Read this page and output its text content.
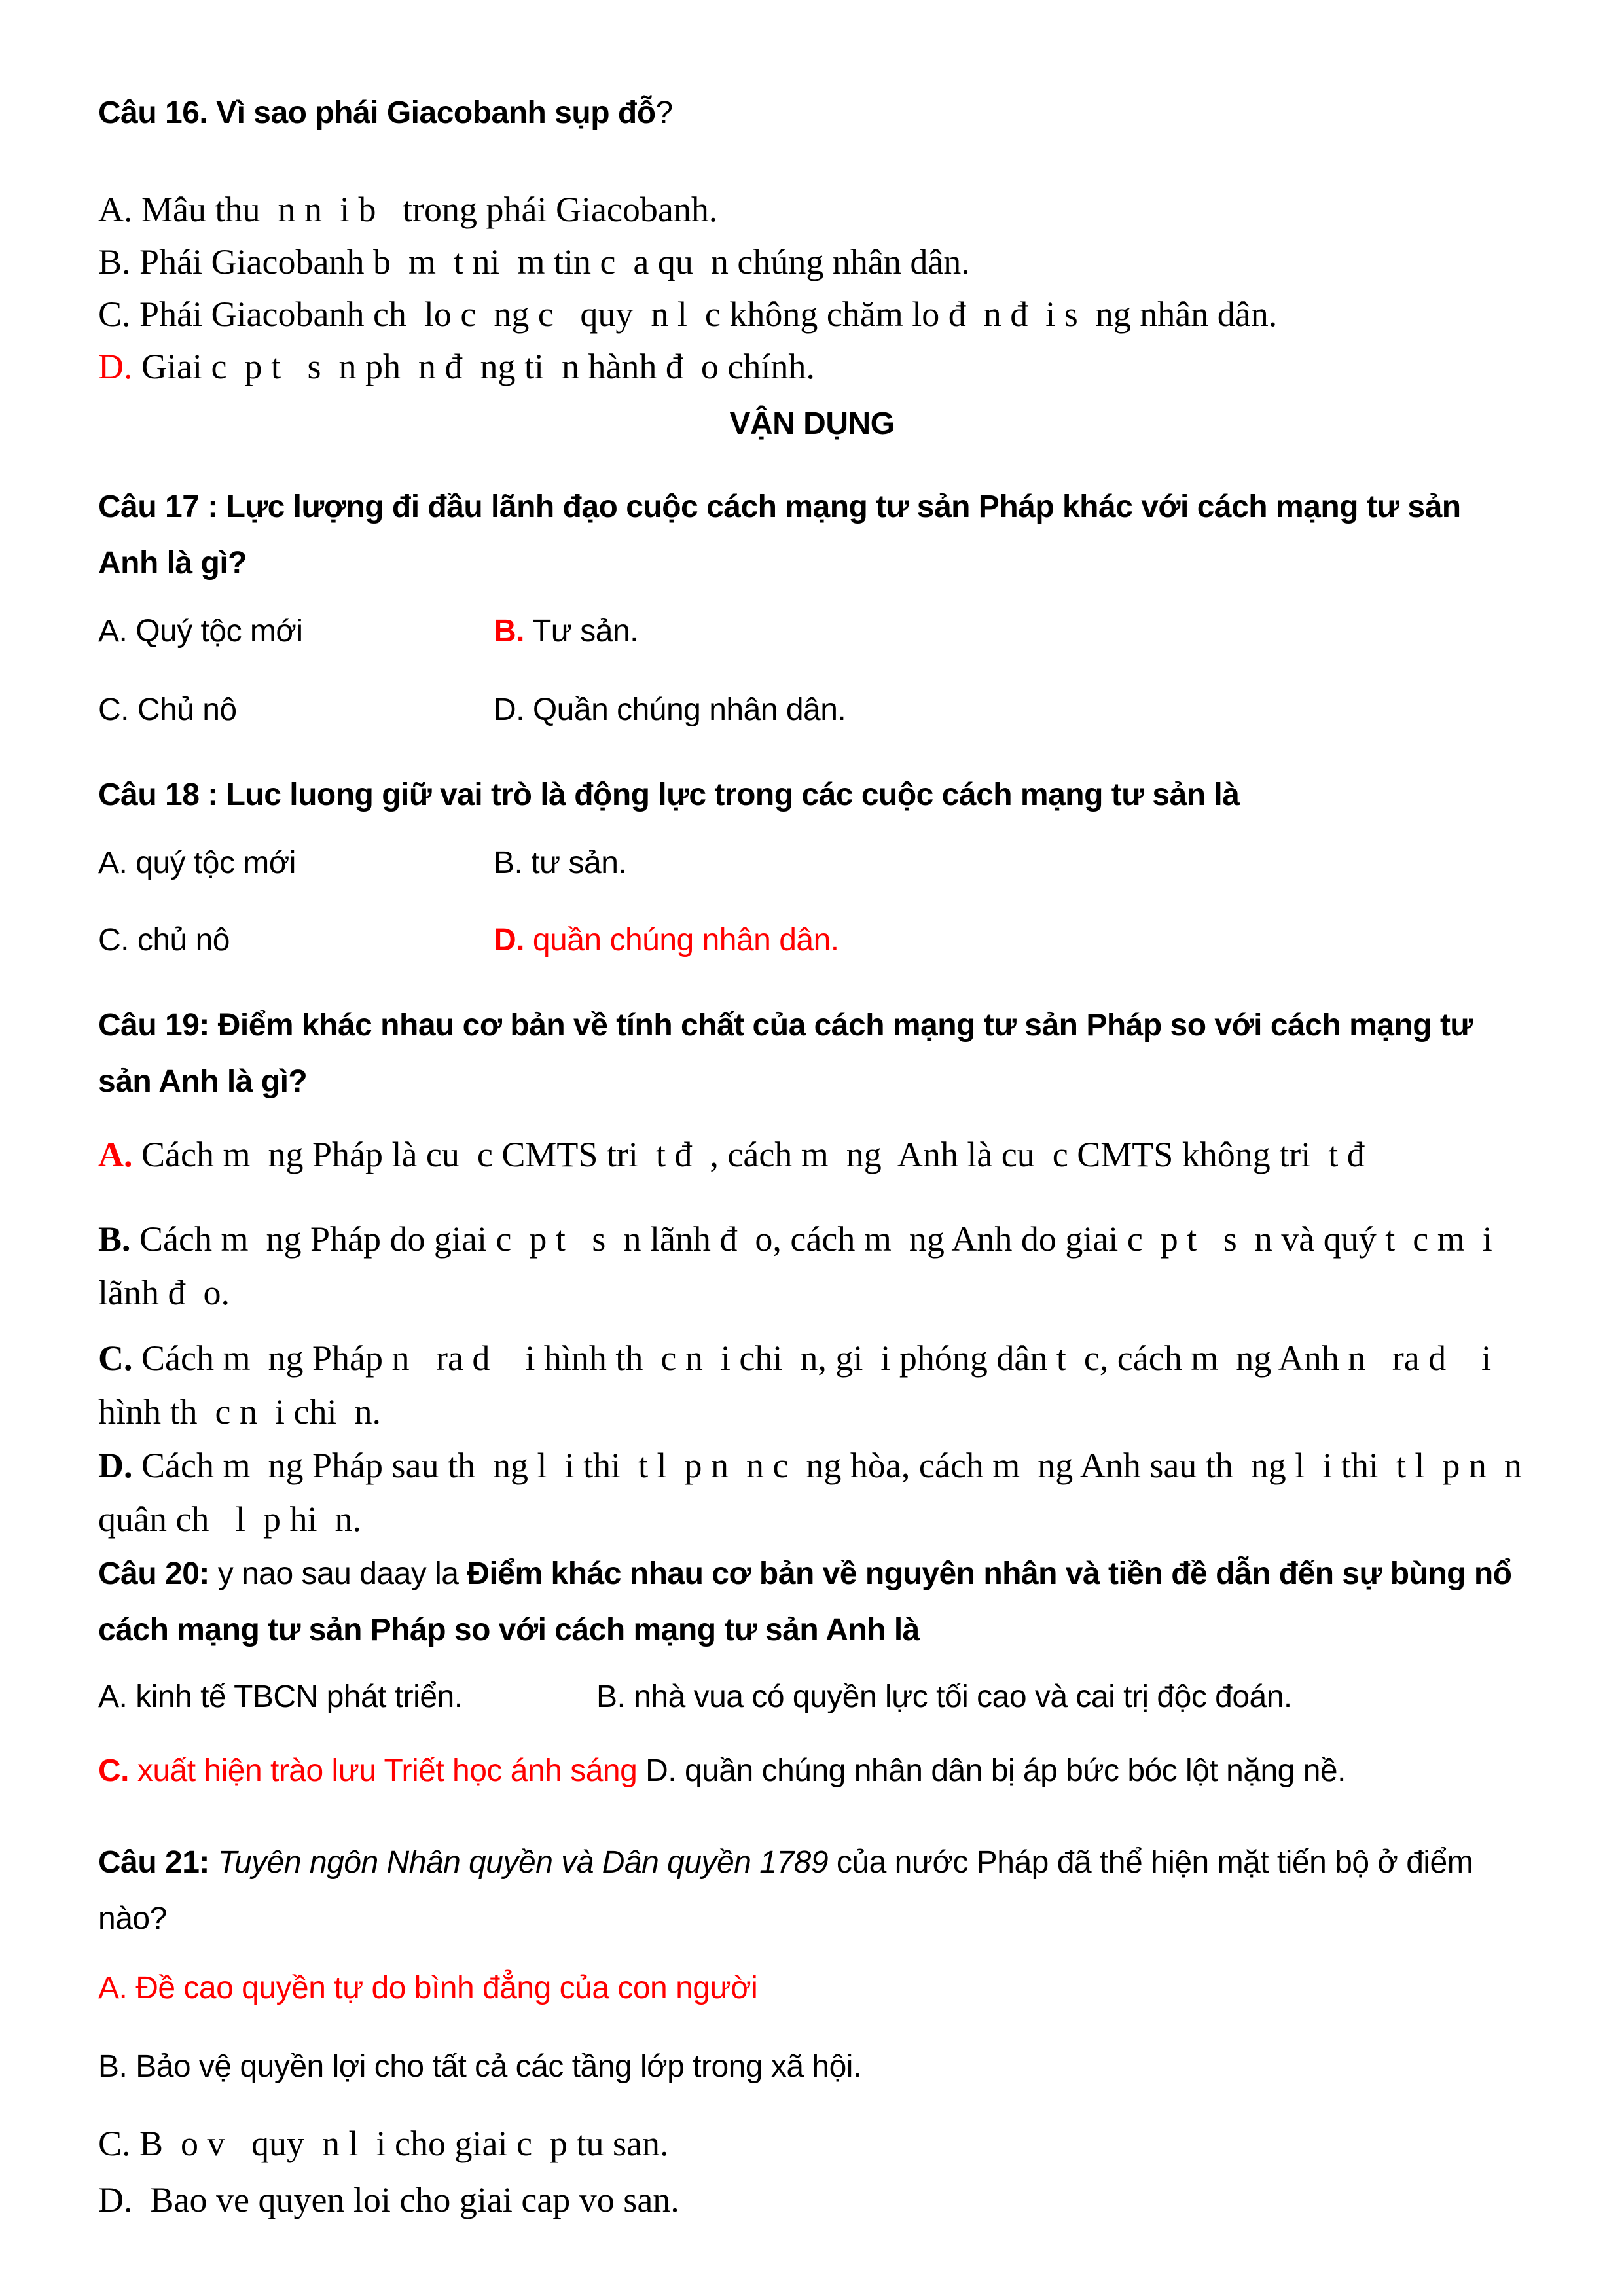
Câu 16. Vì sao phái Giacobanh sụp đỗ?

A. Mâu thu  n n  i b   trong phái Giacobanh.

B. Phái Giacobanh b  m  t ni  m tin c  a qu  n chúng nhân dân.

C. Phái Giacobanh ch  lo c  ng c   quy  n l  c không chăm lo đ  n đ  i s  ng nhân dân.

D. Giai c  p t   s  n ph  n đ  ng ti  n hành đ  o chính.

VẬN DỤNG

Câu 17 : Lực lượng đi đầu lãnh đạo cuộc cách mạng tư sản Pháp khác với cách mạng tư sản Anh là gì?

A. Quý tộc mới	B. Tư sản.

C. Chủ nô	D. Quần chúng nhân dân.

Câu 18 : Luc luong giữ vai trò là động lực trong các cuộc cách mạng tư sản là

A. quý tộc mới	B. tư sản.

C. chủ nô	D. quần chúng nhân dân.

Câu 19: Điểm khác nhau cơ bản về tính chất của cách mạng tư sản Pháp so với cách mạng tư sản Anh là gì?

A. Cách m  ng Pháp là cu  c CMTS tri  t đ  , cách m  ng  Anh là cu  c CMTS không tri  t đ

B. Cách m  ng Pháp do giai c  p t   s  n lãnh đ  o, cách m  ng Anh do giai c  p t   s  n và quý t  c m  i lãnh đ  o.

C. Cách m  ng Pháp n   ra d    i hình th  c n  i chi  n, gi  i phóng dân t  c, cách m  ng Anh n   ra d    i hình th  c n  i chi  n.

D. Cách m  ng Pháp sau th  ng l  i thi  t l  p n  n c  ng hòa, cách m  ng Anh sau th  ng l  i thi  t l  p n  n quân ch   l  p hi  n.

Câu 20: y nao sau daay la Điểm khác nhau cơ bản về nguyên nhân và tiền đề dẫn đến sự bùng nổ cách mạng tư sản Pháp so với cách mạng tư sản Anh là

A. kinh tế TBCN phát triển.	B. nhà vua có quyền lực tối cao và cai trị độc đoán.

C. xuất hiện trào lưu Triết học ánh sáng D. quần chúng nhân dân bị áp bức bóc lột nặng nề.

Câu 21: Tuyên ngôn Nhân quyền và Dân quyền 1789 của nước Pháp đã thể hiện mặt tiến bộ ở điểm nào?

A. Đề cao quyền tự do bình đẳng của con người

B. Bảo vệ quyền lợi cho tất cả các tầng lớp trong xã hội.

C. B  o v   quy  n l  i cho giai c  p tu san.

D.  Bao ve quyen loi cho giai cap vo san.
